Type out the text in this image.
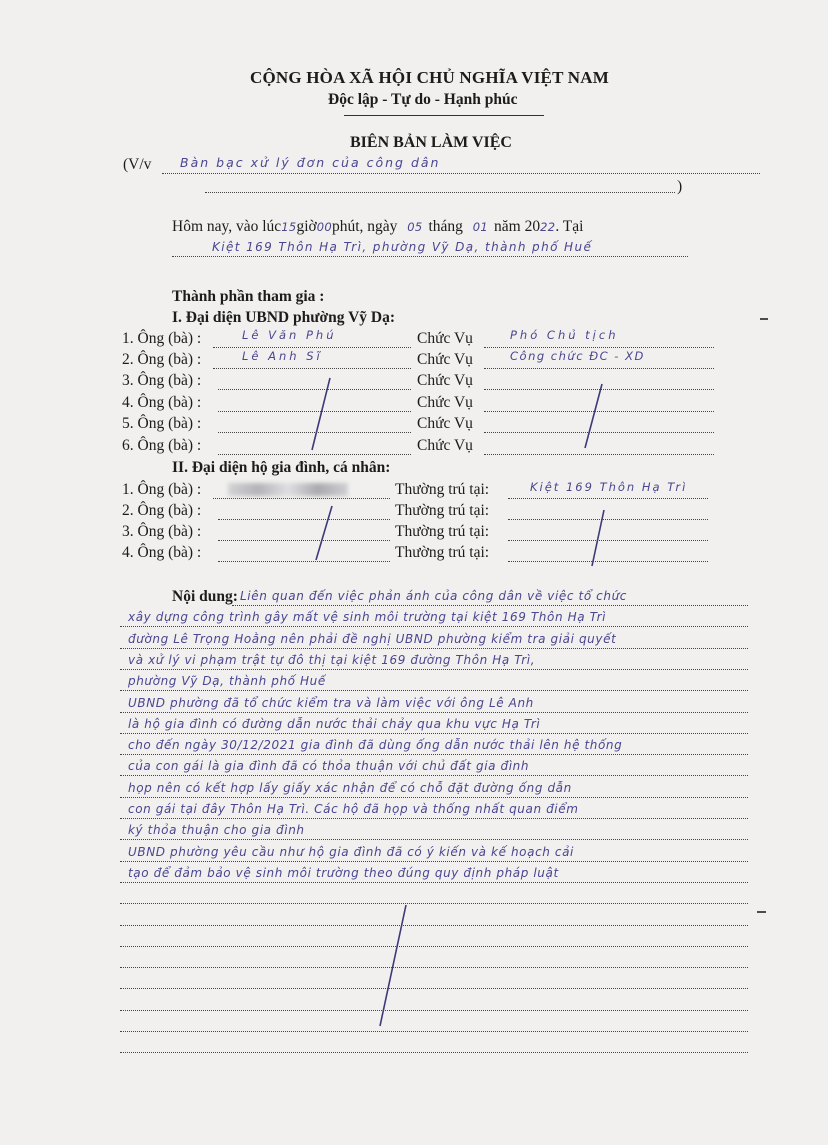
CỘNG HÒA XÃ HỘI CHỦ NGHĨA VIỆT NAM
Độc lập - Tự do - Hạnh phúc
BIÊN BẢN LÀM VIỆC
(V/v Bàn bạc xử lý đơn của công dân
)
Hôm nay, vào lúc15giờ00phút, ngày 05 tháng 01 năm 2022. Tại
Kiệt 169 Thôn Hạ Trì, phường Vỹ Dạ, thành phố Huế
Thành phần tham gia :
I. Đại diện UBND phường Vỹ Dạ:
1. Ông (bà) :	Lê Văn Phú	Chức Vụ	Phó Chủ tịch
2. Ông (bà) :	Lê Anh Sĩ	Chức Vụ	Công chức ĐC - XD
3. Ông (bà) :	Chức Vụ
4. Ông (bà) :	Chức Vụ
5. Ông (bà) :	Chức Vụ
6. Ông (bà) :	Chức Vụ
II. Đại diện hộ gia đình, cá nhân:
1. Ông (bà) :	Thường trú tại:	Kiệt 169 Thôn Hạ Trì
2. Ông (bà) :	Thường trú tại:
3. Ông (bà) :	Thường trú tại:
4. Ông (bà) :	Thường trú tại:
Nội dung: Liên quan đến việc phản ánh của công dân về việc tổ chức
xây dựng công trình gây mất vệ sinh môi trường tại kiệt 169 Thôn Hạ Trì
đường Lê Trọng Hoằng nên phải đề nghị UBND phường kiểm tra giải quyết
và xử lý vi phạm trật tự đô thị tại kiệt 169 đường Thôn Hạ Trì,
phường Vỹ Dạ, thành phố Huế
UBND phường đã tổ chức kiểm tra và làm việc với ông Lê Anh
là hộ gia đình có đường dẫn nước thải chảy qua khu vực Hạ Trì
cho đến ngày 30/12/2021 gia đình đã dùng ống dẫn nước thải lên hệ thống
của con gái là gia đình đã có thỏa thuận với chủ đất gia đình
họp nên có kết hợp lấy giấy xác nhận để có chỗ đặt đường ống dẫn
con gái tại đây Thôn Hạ Trì. Các hộ đã họp và thống nhất quan điểm
ký thỏa thuận cho gia đình
UBND phường yêu cầu như hộ gia đình đã có ý kiến và kế hoạch cải
tạo để đảm bảo vệ sinh môi trường theo đúng quy định pháp luật
